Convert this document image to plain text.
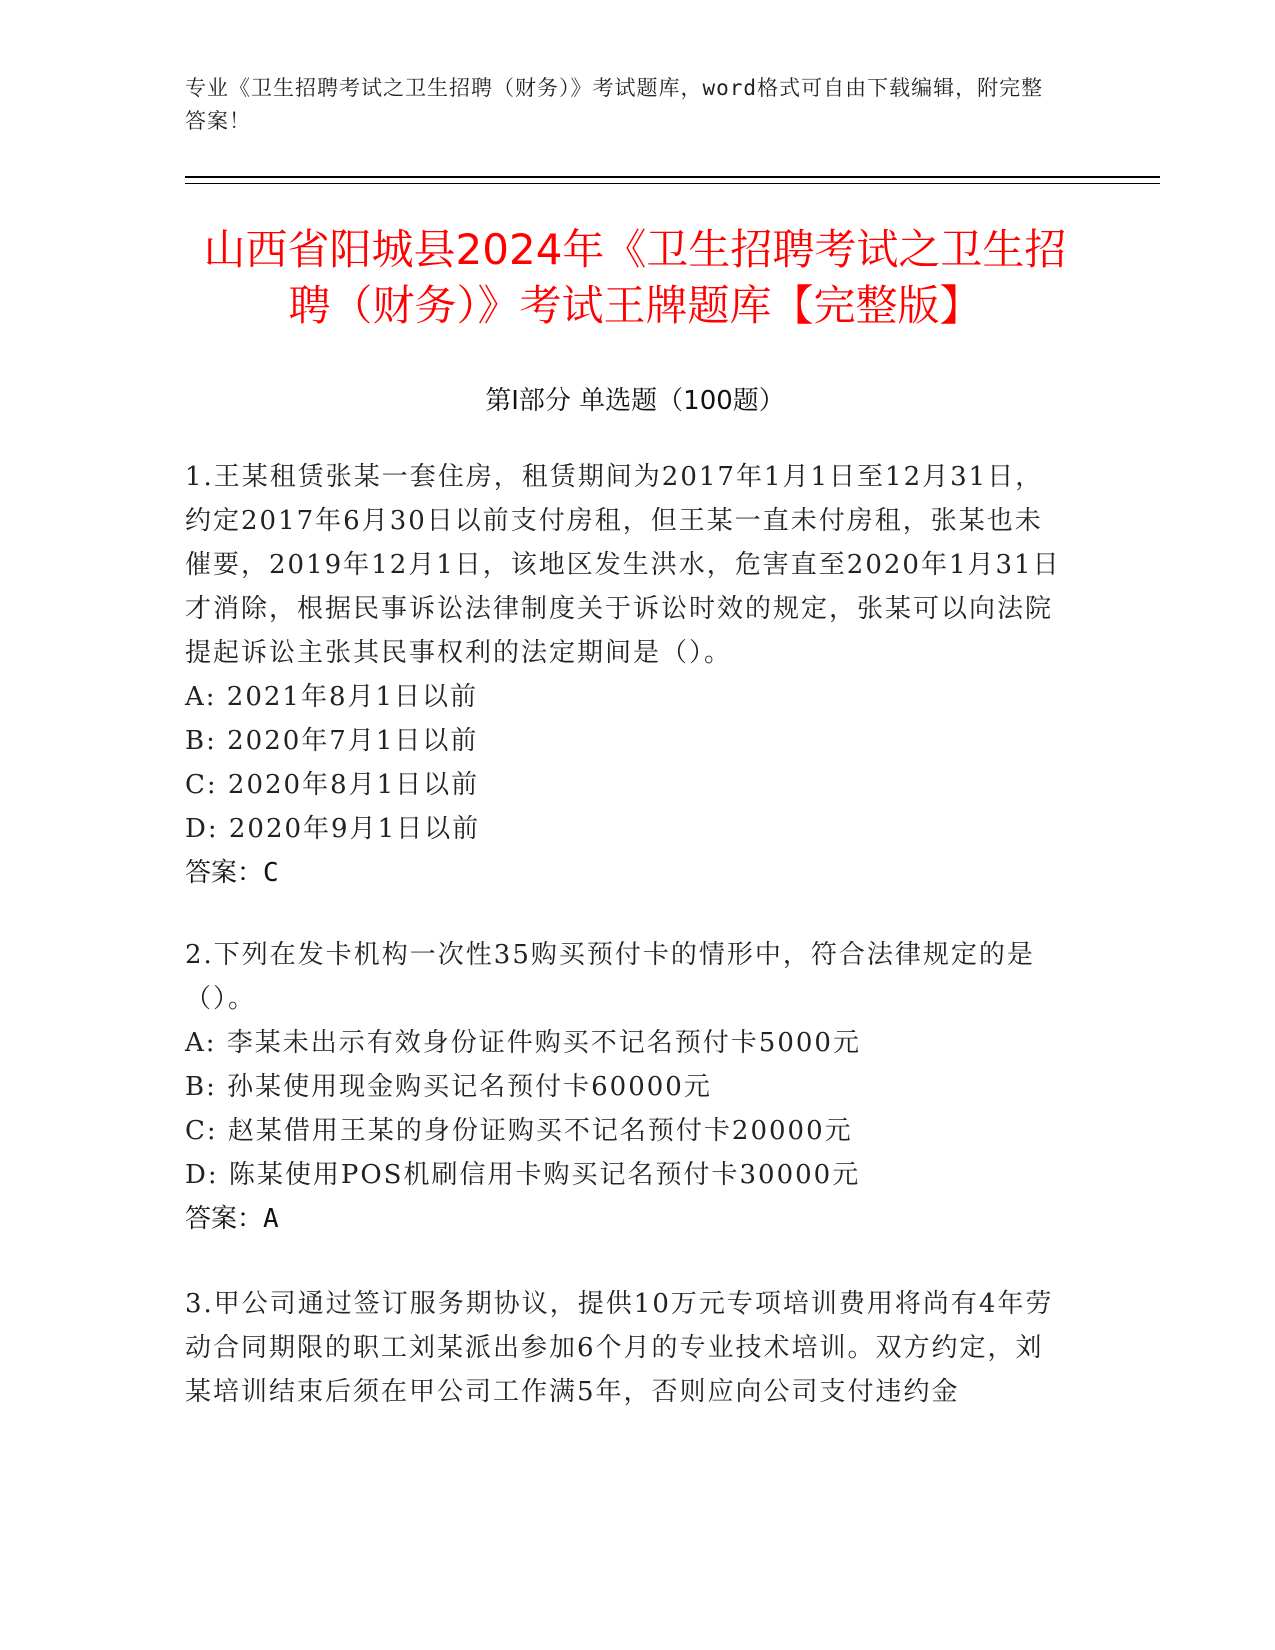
专业《卫生招聘考试之卫生招聘（财务）》考试题库，word格式可自由下载编辑，附完整答案！
山西省阳城县2024年《卫生招聘考试之卫生招聘（财务）》考试王牌题库【完整版】
第I部分 单选题（100题）
1.王某租赁张某一套住房，租赁期间为2017年1月1日至12月31日，约定2017年6月30日以前支付房租，但王某一直未付房租，张某也未催要，2019年12月1日，该地区发生洪水，危害直至2020年1月31日才消除，根据民事诉讼法律制度关于诉讼时效的规定，张某可以向法院提起诉讼主张其民事权利的法定期间是（）。
A: 2021年8月1日以前
B: 2020年7月1日以前
C: 2020年8月1日以前
D: 2020年9月1日以前
答案：C
2.下列在发卡机构一次性35购买预付卡的情形中，符合法律规定的是（）。
A: 李某未出示有效身份证件购买不记名预付卡5000元
B: 孙某使用现金购买记名预付卡60000元
C: 赵某借用王某的身份证购买不记名预付卡20000元
D: 陈某使用POS机刷信用卡购买记名预付卡30000元
答案：A
3.甲公司通过签订服务期协议，提供10万元专项培训费用将尚有4年劳动合同期限的职工刘某派出参加6个月的专业技术培训。双方约定，刘某培训结束后须在甲公司工作满5年，否则应向公司支付违约金
